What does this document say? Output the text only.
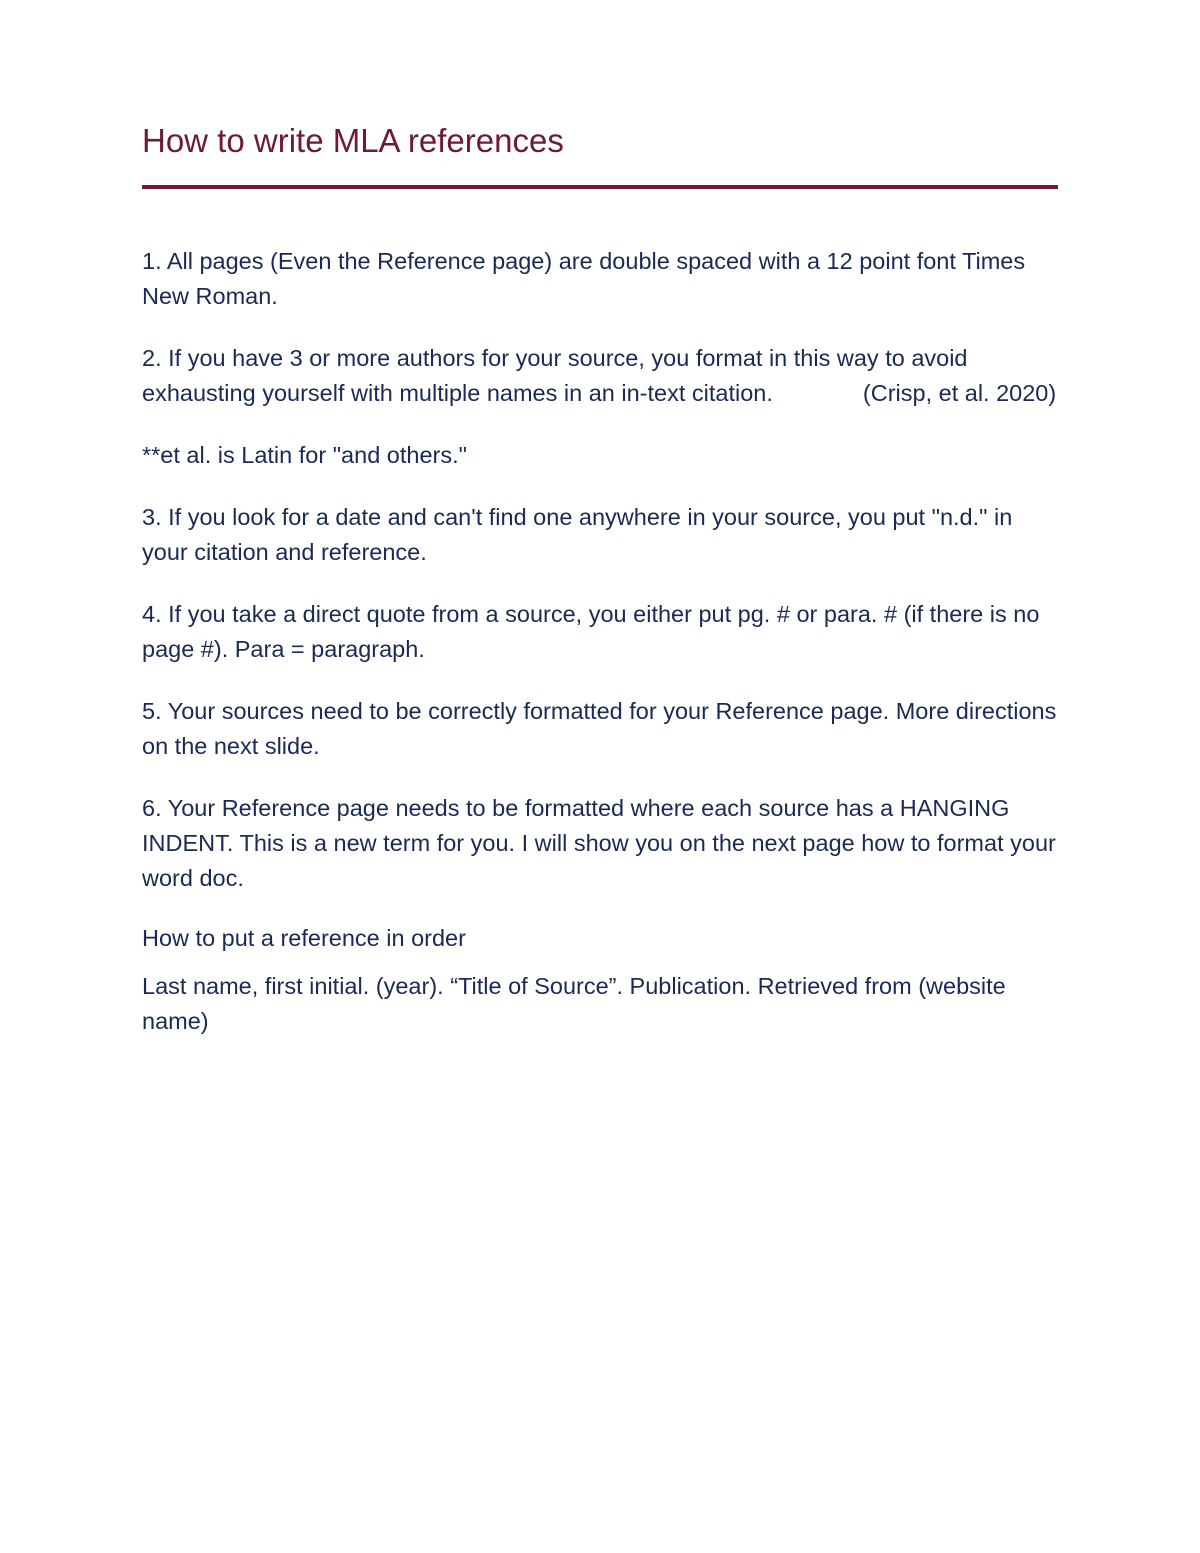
How to write MLA references

1. All pages (Even the Reference page) are double spaced with a 12 point font Times New Roman.

2. If you have 3 or more authors for your source, you format in this way to avoid exhausting yourself with multiple names in an in-text citation.	(Crisp, et al. 2020)

**et al. is Latin for "and others."

3. If you look for a date and can't find one anywhere in your source, you put "n.d." in your citation and reference.

4. If you take a direct quote from a source, you either put pg. # or para. # (if there is no page #). Para = paragraph.

5. Your sources need to be correctly formatted for your Reference page. More directions on the next slide.

6. Your Reference page needs to be formatted where each source has a HANGING INDENT. This is a new term for you. I will show you on the next page how to format your word doc.

How to put a reference in order

Last name, first initial. (year). “Title of Source”. Publication. Retrieved from (website name)
